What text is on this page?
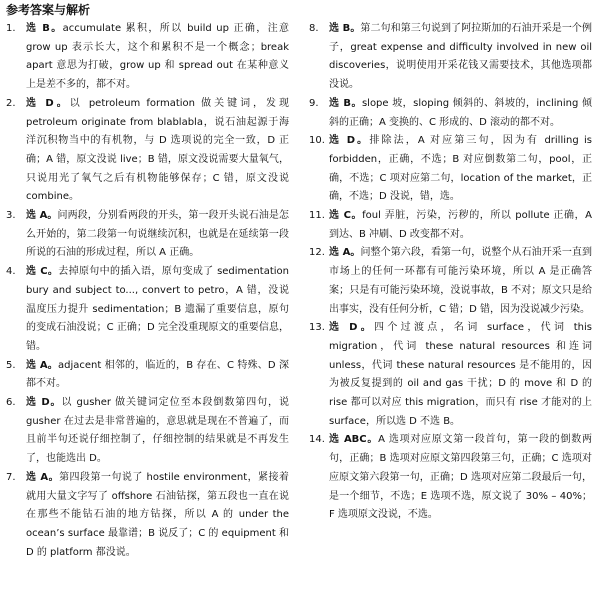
参考答案与解析
1.	选 B。accumulate 累积，所以 build up 正确，注意 grow up 表示长大，这个和累积不是一个概念；break apart 意思为打破，grow up 和 spread out 在某种意义上是差不多的，都不对。
2.	选 D。以 petroleum formation 做关键词，发现 petroleum originate from blablabla，说石油起源于海洋沉积物当中的有机物，与 D 选项说的完全一致，D 正确；A 错，原文没说 live；B 错，原文没说需要大量氧气，只说用光了氧气之后有机物能够保存；C 错，原文没说 combine。
3.	选 A。问两段，分别看两段的开头，第一段开头说石油是怎么开始的，第二段第一句说继续沉积，也就是在延续第一段所说的石油的形成过程，所以 A 正确。
4.	选 C。去掉原句中的插入语，原句变成了 sedimentation bury and subject to..., convert to petro，A 错，没说温度压力提升 sedimentation；B 遗漏了重要信息，原句的变成石油没说；C 正确；D 完全没重现原文的重要信息，错。
5.	选 A。adjacent 相邻的，临近的，B 存在、C 特殊、D 深都不对。
6.	选 D。以 gusher 做关键词定位至本段倒数第四句，说 gusher 在过去是非常普遍的，意思就是现在不普遍了，而且前半句还说仔细控制了，仔细控制的结果就是不再发生了，也能选出 D。
7.	选 A。第四段第一句说了 hostile environment，紧接着就用大量文字写了 offshore 石油钻探，第五段也一直在说在那些不能钻石油的地方钻探，所以 A 的 under the ocean’s surface 最靠谱；B 说反了；C 的 equipment 和 D 的 platform 都没说。
8.	选 B。第二句和第三句说到了阿拉斯加的石油开采是一个例子，great expense and difficulty involved in new oil discoveries，说明使用开采花钱又需要技术，其他选项都没说。
9.	选 B。slope 坡，sloping 倾斜的、斜坡的，inclining 倾斜的正确；A 变换的、C 形成的、D 滚动的都不对。
10. 选 D。排除法，A 对应第三句，因为有 drilling is forbidden，正确，不选；B 对应倒数第二句，pool，正确，不选；C 项对应第二句，location of the market，正确，不选；D 没说，错，选。
11. 选 C。foul 弄脏，污染，污秽的，所以 pollute 正确，A 到达、B 冲刷、D 改变都不对。
12. 选 A。问整个第六段，看第一句，说整个从石油开采一直到市场上的任何一环都有可能污染环境，所以 A 是正确答案；只是有可能污染环境，没说事故，B 不对；原文只是给出事实，没有任何分析，C 错；D 错，因为没说减少污染。
13. 选 D。四个过渡点，名词 surface，代词 this migration，代词 these natural resources 和连词 unless，代词 these natural resources 是不能用的，因为被反复提到的 oil and gas 干扰；D 的 move 和 D 的 rise 都可以对应 this migration，而只有 rise 才能对的上 surface，所以选 D 不选 B。
14. 选 ABC。A 选项对应原文第一段首句，第一段的倒数两句，正确；B 选项对应原文第四段第三句，正确；C 选项对应原文第六段第一句，正确；D 选项对应第二段最后一句，是一个细节，不选；E 选项不选，原文说了 30% – 40%；F 选项原文没说，不选。
